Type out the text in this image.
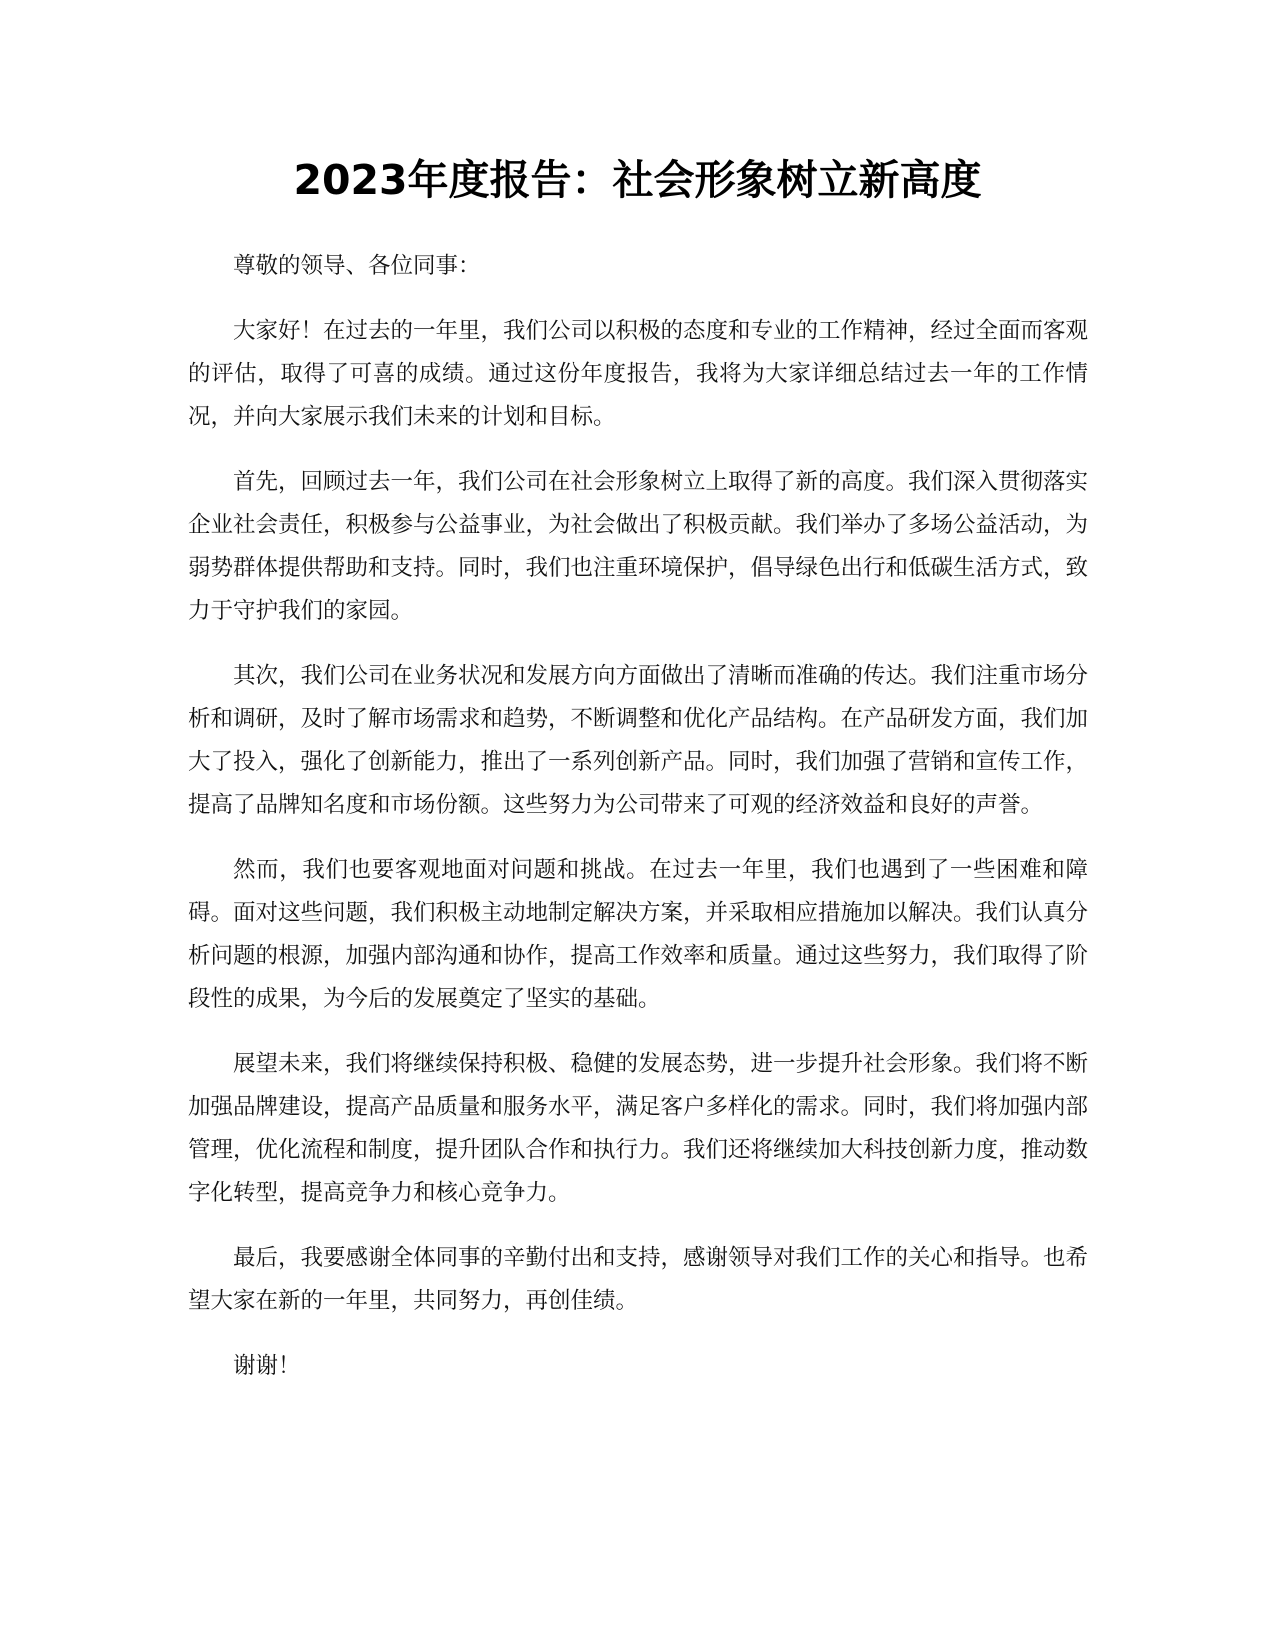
2023年度报告：社会形象树立新高度

尊敬的领导、各位同事：

大家好！在过去的一年里，我们公司以积极的态度和专业的工作精神，经过全面而客观的评估，取得了可喜的成绩。通过这份年度报告，我将为大家详细总结过去一年的工作情况，并向大家展示我们未来的计划和目标。

首先，回顾过去一年，我们公司在社会形象树立上取得了新的高度。我们深入贯彻落实企业社会责任，积极参与公益事业，为社会做出了积极贡献。我们举办了多场公益活动，为弱势群体提供帮助和支持。同时，我们也注重环境保护，倡导绿色出行和低碳生活方式，致力于守护我们的家园。

其次，我们公司在业务状况和发展方向方面做出了清晰而准确的传达。我们注重市场分析和调研，及时了解市场需求和趋势，不断调整和优化产品结构。在产品研发方面，我们加大了投入，强化了创新能力，推出了一系列创新产品。同时，我们加强了营销和宣传工作，提高了品牌知名度和市场份额。这些努力为公司带来了可观的经济效益和良好的声誉。

然而，我们也要客观地面对问题和挑战。在过去一年里，我们也遇到了一些困难和障碍。面对这些问题，我们积极主动地制定解决方案，并采取相应措施加以解决。我们认真分析问题的根源，加强内部沟通和协作，提高工作效率和质量。通过这些努力，我们取得了阶段性的成果，为今后的发展奠定了坚实的基础。

展望未来，我们将继续保持积极、稳健的发展态势，进一步提升社会形象。我们将不断加强品牌建设，提高产品质量和服务水平，满足客户多样化的需求。同时，我们将加强内部管理，优化流程和制度，提升团队合作和执行力。我们还将继续加大科技创新力度，推动数字化转型，提高竞争力和核心竞争力。

最后，我要感谢全体同事的辛勤付出和支持，感谢领导对我们工作的关心和指导。也希望大家在新的一年里，共同努力，再创佳绩。

谢谢！
